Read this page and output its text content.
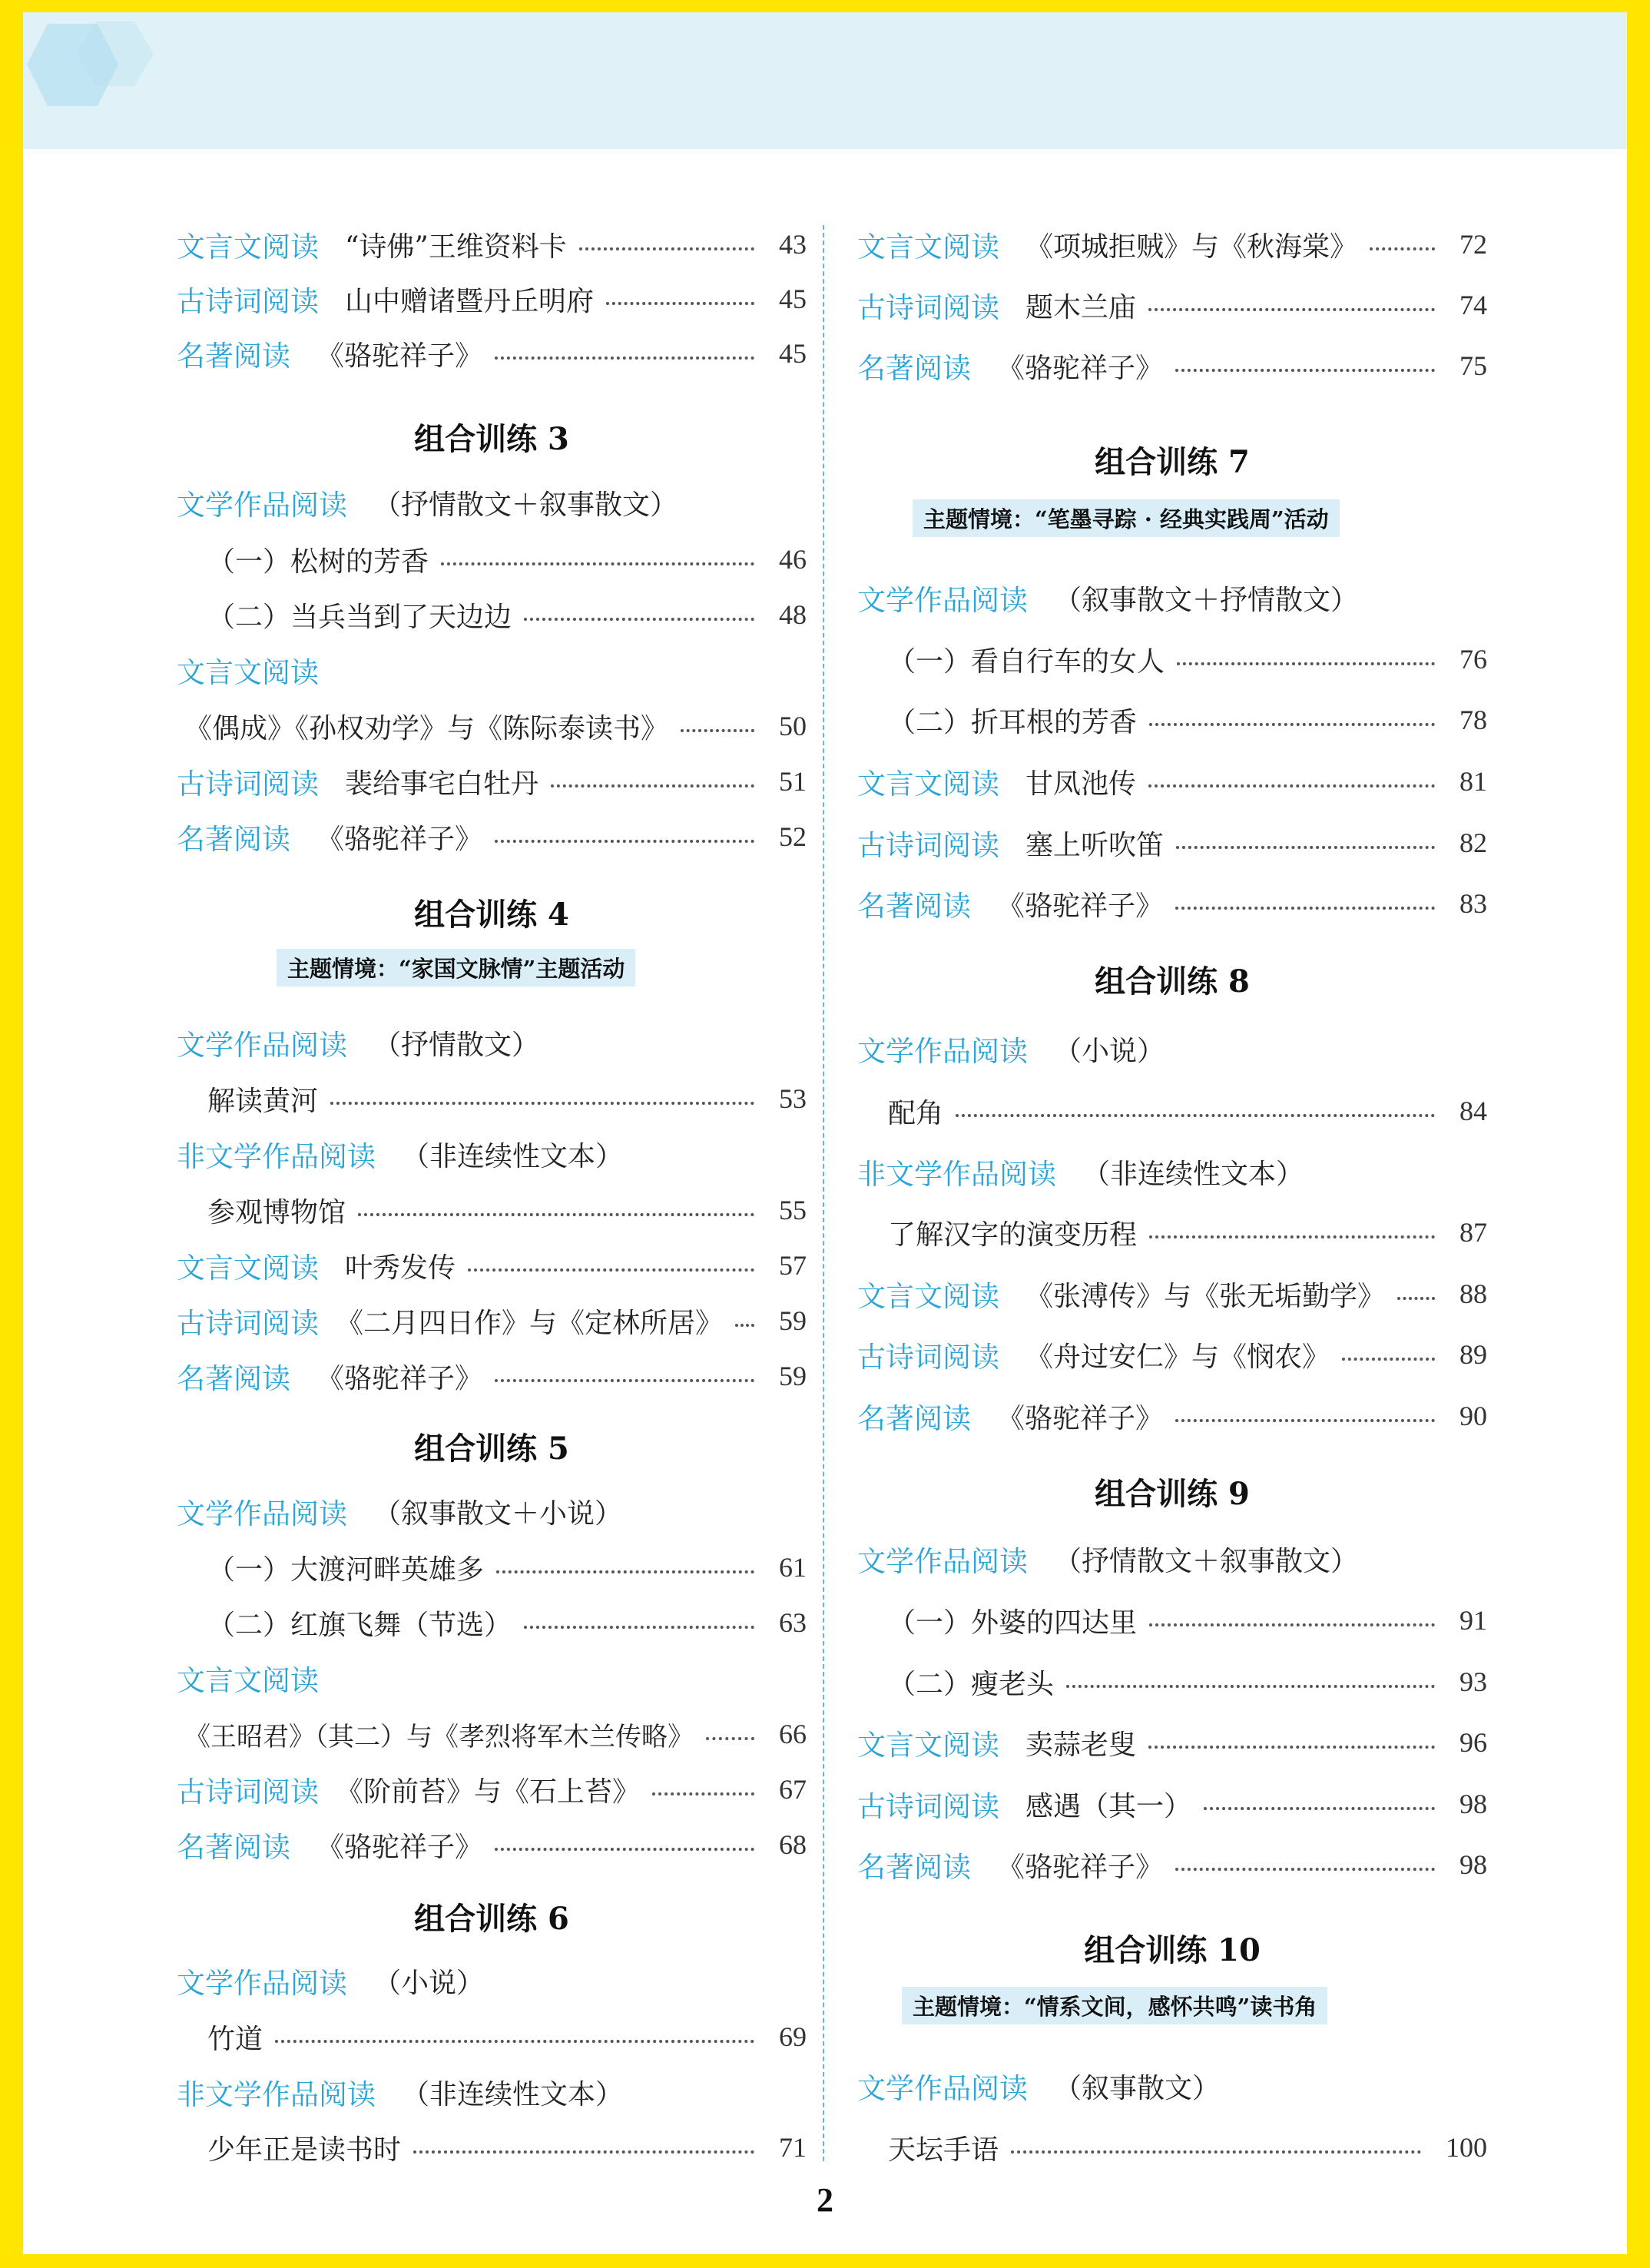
文言文阅读 “诗佛”王维资料卡	43
古诗词阅读 山中赠诸暨丹丘明府	45
名著阅读 《骆驼祥子》	45
组合训练 3
文学作品阅读 （抒情散文＋叙事散文）
（一）松树的芳香	46
（二）当兵当到了天边边	48
文言文阅读
《偶成》《孙权劝学》与《陈际泰读书》	50
古诗词阅读 裴给事宅白牡丹	51
名著阅读 《骆驼祥子》	52
组合训练 4
主题情境：“家国文脉情”主题活动
文学作品阅读 （抒情散文）
解读黄河	53
非文学作品阅读 （非连续性文本）
参观博物馆	55
文言文阅读 叶秀发传	57
古诗词阅读 《二月四日作》与《定林所居》	59
名著阅读 《骆驼祥子》	59
组合训练 5
文学作品阅读 （叙事散文＋小说）
（一）大渡河畔英雄多	61
（二）红旗飞舞（节选）	63
文言文阅读
《王昭君》（其二）与《孝烈将军木兰传略》	66
古诗词阅读 《阶前苔》与《石上苔》	67
名著阅读 《骆驼祥子》	68
组合训练 6
文学作品阅读 （小说）
竹道	69
非文学作品阅读 （非连续性文本）
少年正是读书时	71
文言文阅读 《项城拒贼》与《秋海棠》	72
古诗词阅读 题木兰庙	74
名著阅读 《骆驼祥子》	75
组合训练 7
主题情境：“笔墨寻踪 · 经典实践周”活动
文学作品阅读 （叙事散文＋抒情散文）
（一）看自行车的女人	76
（二）折耳根的芳香	78
文言文阅读 甘凤池传	81
古诗词阅读 塞上听吹笛	82
名著阅读 《骆驼祥子》	83
组合训练 8
文学作品阅读 （小说）
配角	84
非文学作品阅读 （非连续性文本）
了解汉字的演变历程	87
文言文阅读 《张溥传》与《张无垢勤学》	88
古诗词阅读 《舟过安仁》与《悯农》	89
名著阅读 《骆驼祥子》	90
组合训练 9
文学作品阅读 （抒情散文＋叙事散文）
（一）外婆的四达里	91
（二）瘦老头	93
文言文阅读 卖蒜老叟	96
古诗词阅读 感遇（其一）	98
名著阅读 《骆驼祥子》	98
组合训练 10
主题情境：“情系文间，感怀共鸣”读书角
文学作品阅读 （叙事散文）
天坛手语	100
2
